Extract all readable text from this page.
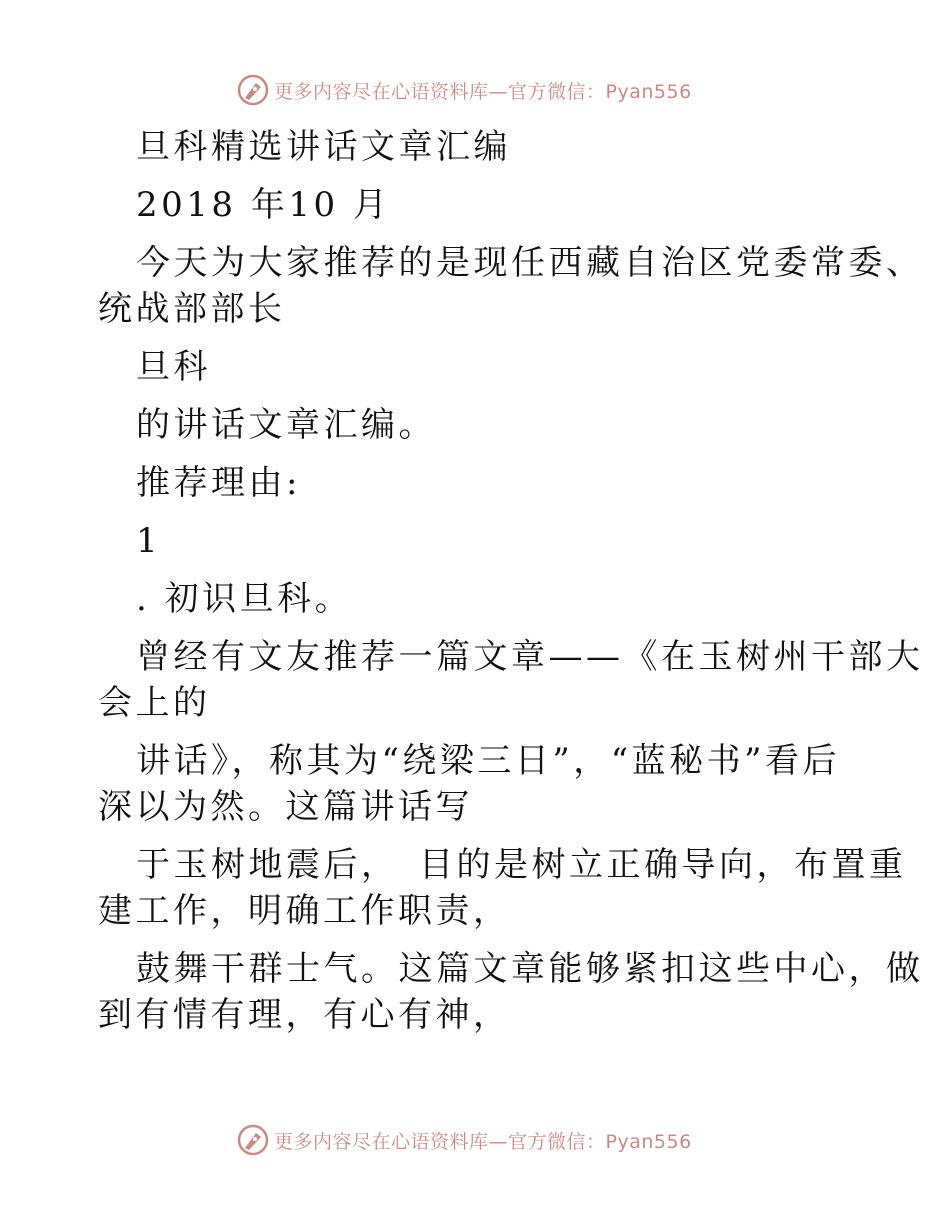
更多内容尽在心语资料库—官方微信：Pyan556
旦科精选讲话文章汇编
2018 年10 月
今天为大家推荐的是现任西藏自治区党委常委、
统战部部长
旦科
的讲话文章汇编。
推荐理由:
1
. 初识旦科。
曾经有文友推荐一篇文章——《在玉树州干部大
会上的
讲话》，称其为“绕梁三日”，“蓝秘书”看后
深以为然。这篇讲话写
于玉树地震后，　目的是树立正确导向，布置重
建工作，明确工作职责，
鼓舞干群士气。这篇文章能够紧扣这些中心，做
到有情有理，有心有神，
更多内容尽在心语资料库—官方微信：Pyan556
